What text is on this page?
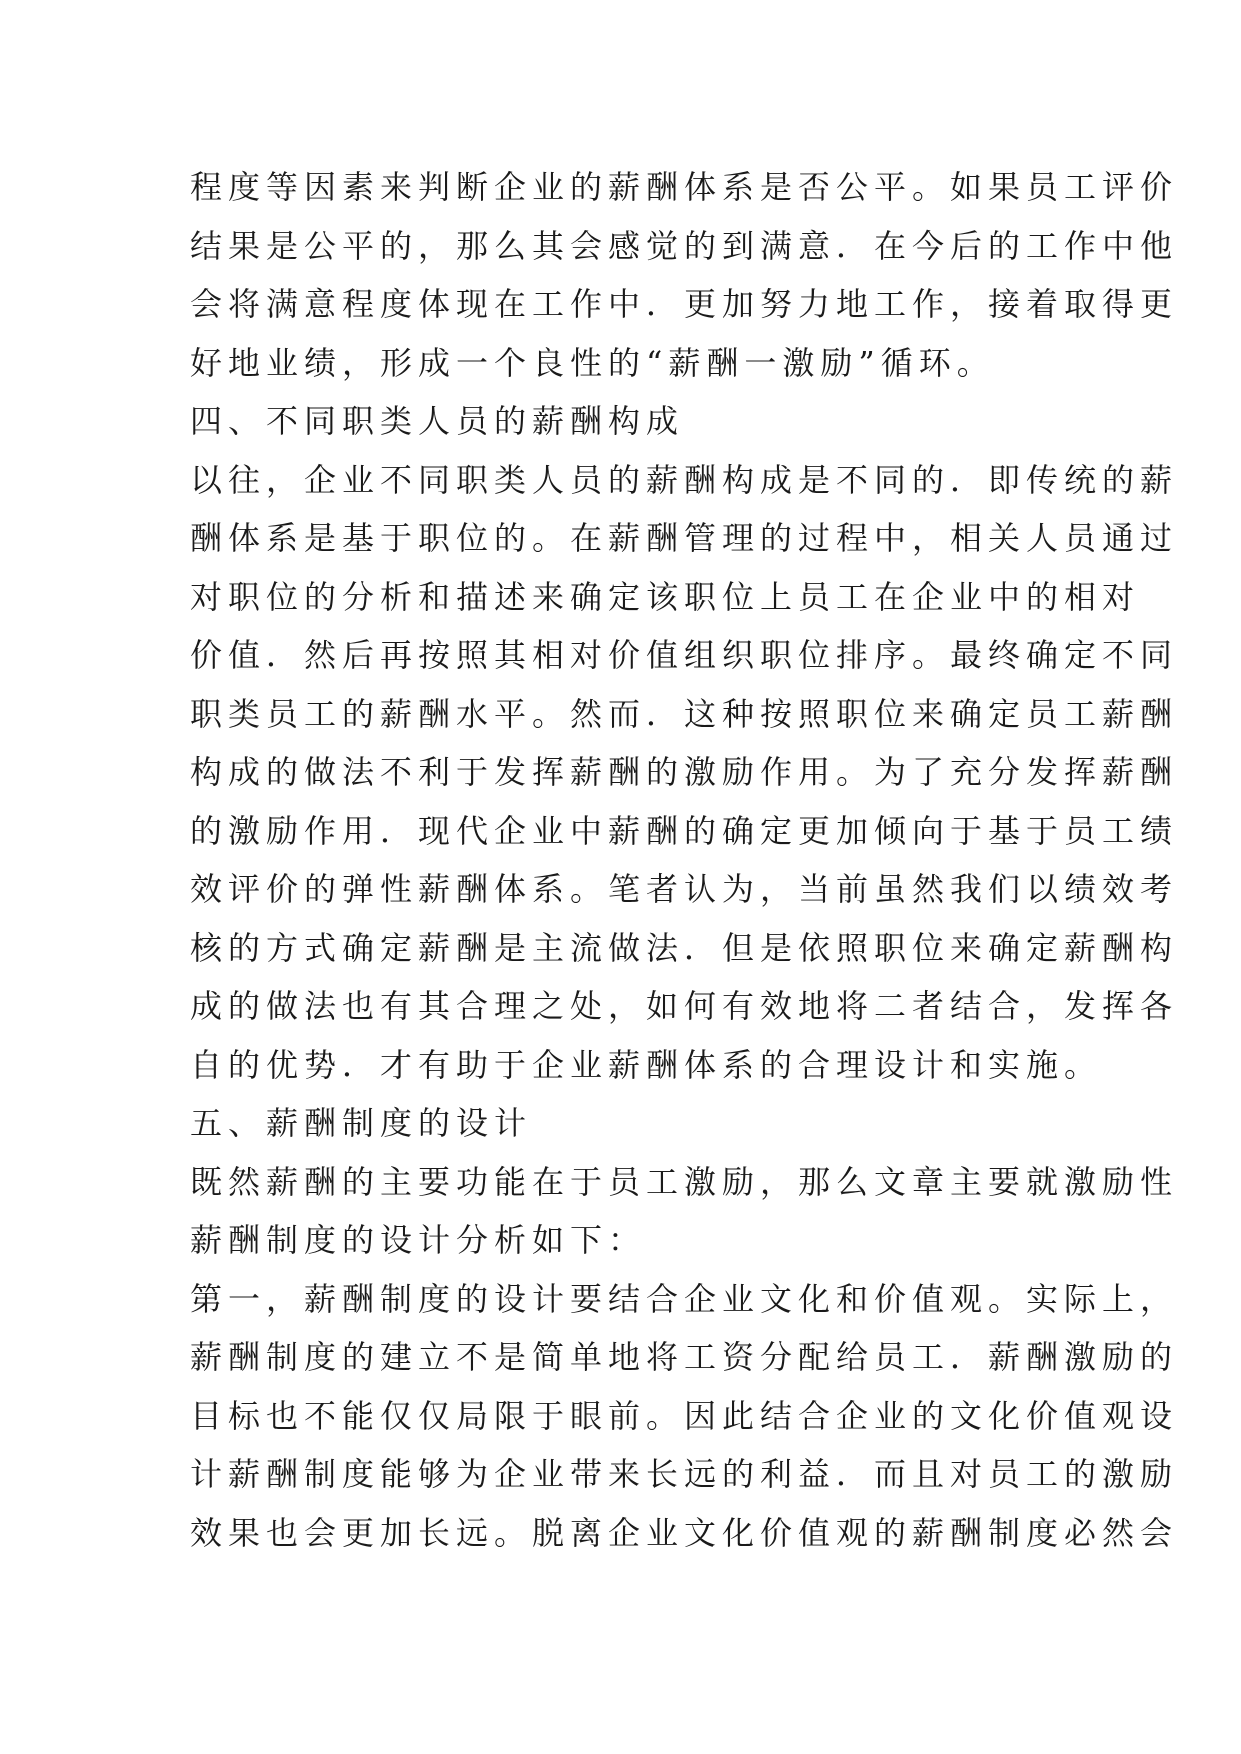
程度等因素来判断企业的薪酬体系是否公平。如果员工评价
结果是公平的，那么其会感觉的到满意．在今后的工作中他
会将满意程度体现在工作中．更加努力地工作，接着取得更
好地业绩，形成一个良性的“薪酬一激励”循环。
四、不同职类人员的薪酬构成
以往，企业不同职类人员的薪酬构成是不同的．即传统的薪
酬体系是基于职位的。在薪酬管理的过程中，相关人员通过
对职位的分析和描述来确定该职位上员工在企业中的相对
价值．然后再按照其相对价值组织职位排序。最终确定不同
职类员工的薪酬水平。然而．这种按照职位来确定员工薪酬
构成的做法不利于发挥薪酬的激励作用。为了充分发挥薪酬
的激励作用．现代企业中薪酬的确定更加倾向于基于员工绩
效评价的弹性薪酬体系。笔者认为，当前虽然我们以绩效考
核的方式确定薪酬是主流做法．但是依照职位来确定薪酬构
成的做法也有其合理之处，如何有效地将二者结合，发挥各
自的优势．才有助于企业薪酬体系的合理设计和实施。
五、薪酬制度的设计
既然薪酬的主要功能在于员工激励，那么文章主要就激励性
薪酬制度的设计分析如下：
第一，薪酬制度的设计要结合企业文化和价值观。实际上，
薪酬制度的建立不是简单地将工资分配给员工．薪酬激励的
目标也不能仅仅局限于眼前。因此结合企业的文化价值观设
计薪酬制度能够为企业带来长远的利益．而且对员工的激励
效果也会更加长远。脱离企业文化价值观的薪酬制度必然会
